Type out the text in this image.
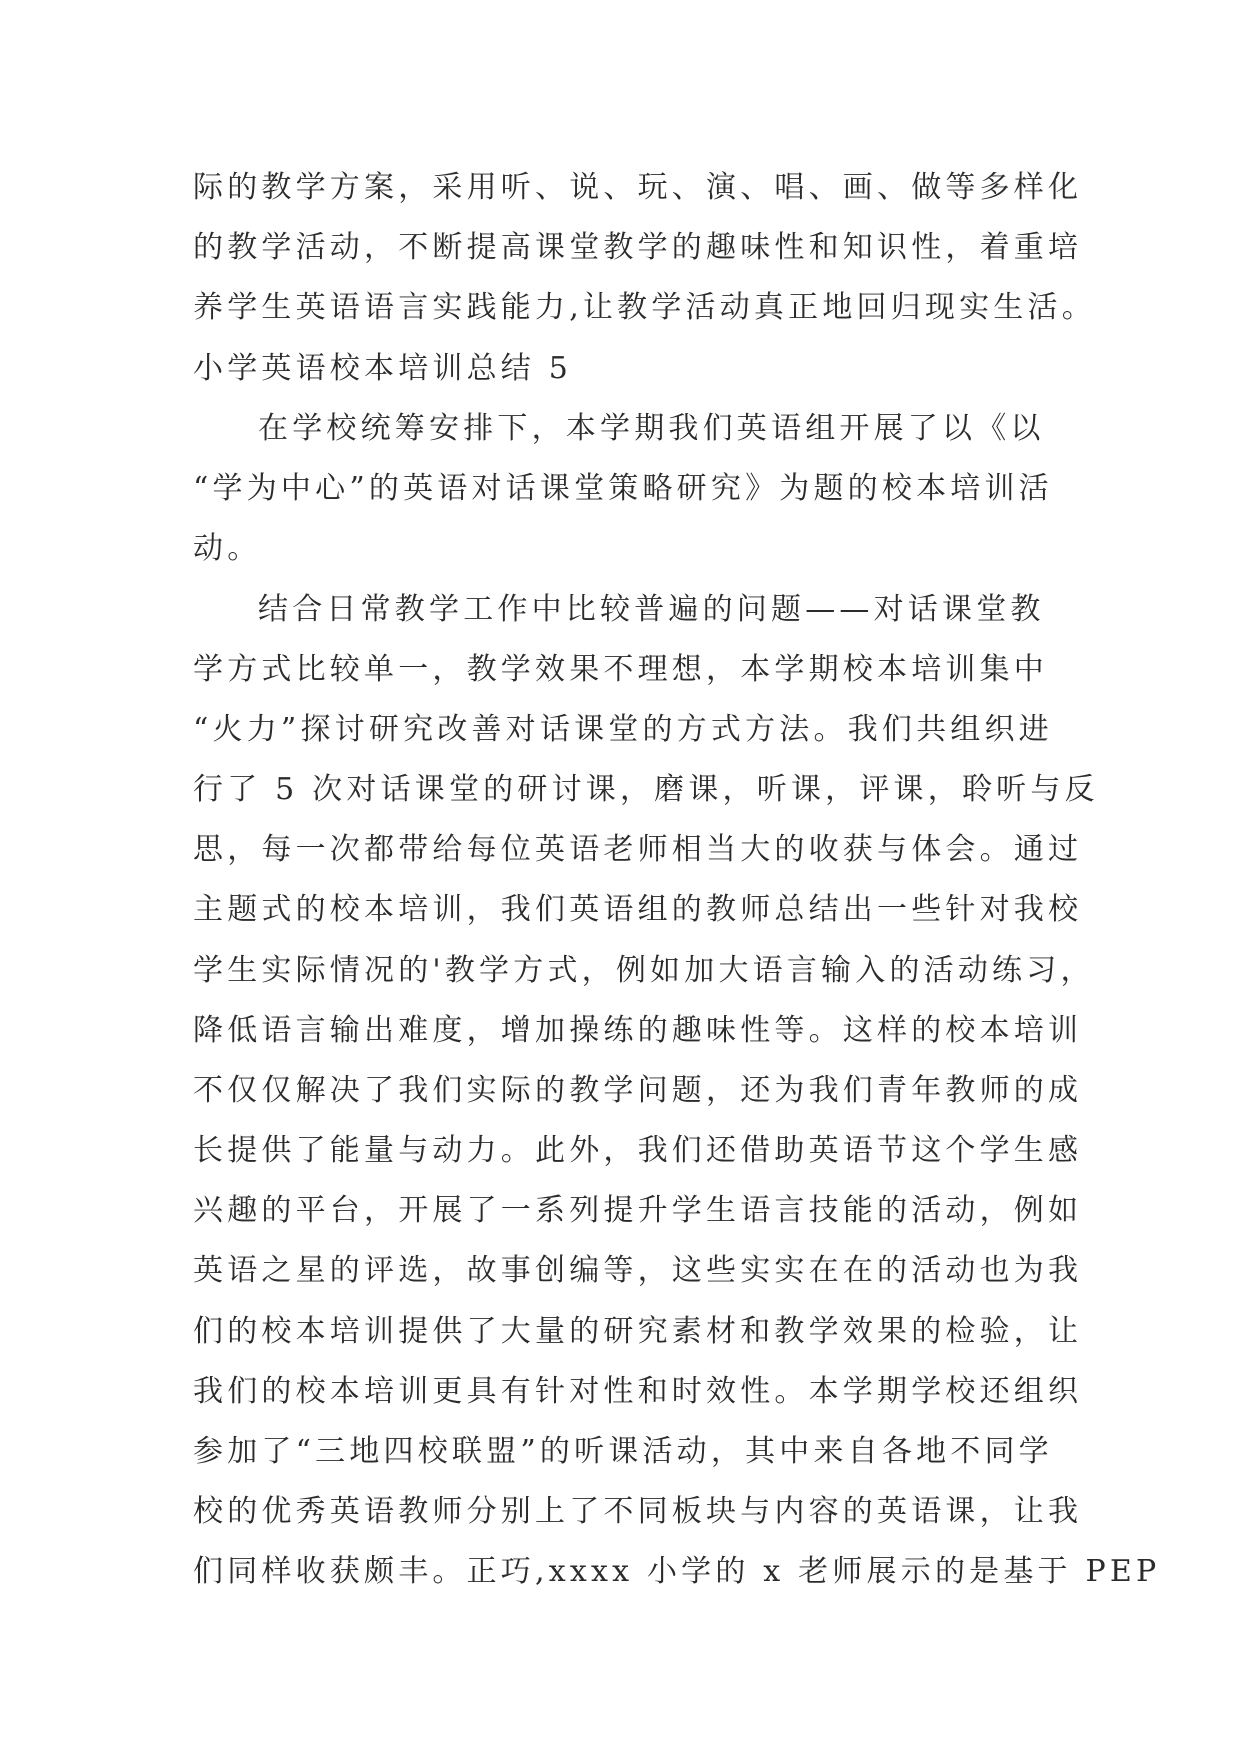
际的教学方案，采用听、说、玩、演、唱、画、做等多样化
的教学活动，不断提高课堂教学的趣味性和知识性，着重培
养学生英语语言实践能力,让教学活动真正地回归现实生活。
小学英语校本培训总结 5
在学校统筹安排下，本学期我们英语组开展了以《以
“学为中心”的英语对话课堂策略研究》为题的校本培训活
动。
结合日常教学工作中比较普遍的问题——对话课堂教
学方式比较单一，教学效果不理想，本学期校本培训集中
“火力”探讨研究改善对话课堂的方式方法。我们共组织进
行了 5 次对话课堂的研讨课，磨课，听课，评课，聆听与反
思，每一次都带给每位英语老师相当大的收获与体会。通过
主题式的校本培训，我们英语组的教师总结出一些针对我校
学生实际情况的'教学方式，例如加大语言输入的活动练习，
降低语言输出难度，增加操练的趣味性等。这样的校本培训
不仅仅解决了我们实际的教学问题，还为我们青年教师的成
长提供了能量与动力。此外，我们还借助英语节这个学生感
兴趣的平台，开展了一系列提升学生语言技能的活动，例如
英语之星的评选，故事创编等，这些实实在在的活动也为我
们的校本培训提供了大量的研究素材和教学效果的检验，让
我们的校本培训更具有针对性和时效性。本学期学校还组织
参加了“三地四校联盟”的听课活动，其中来自各地不同学
校的优秀英语教师分别上了不同板块与内容的英语课，让我
们同样收获颇丰。正巧,xxxx 小学的 x 老师展示的是基于 PEP
